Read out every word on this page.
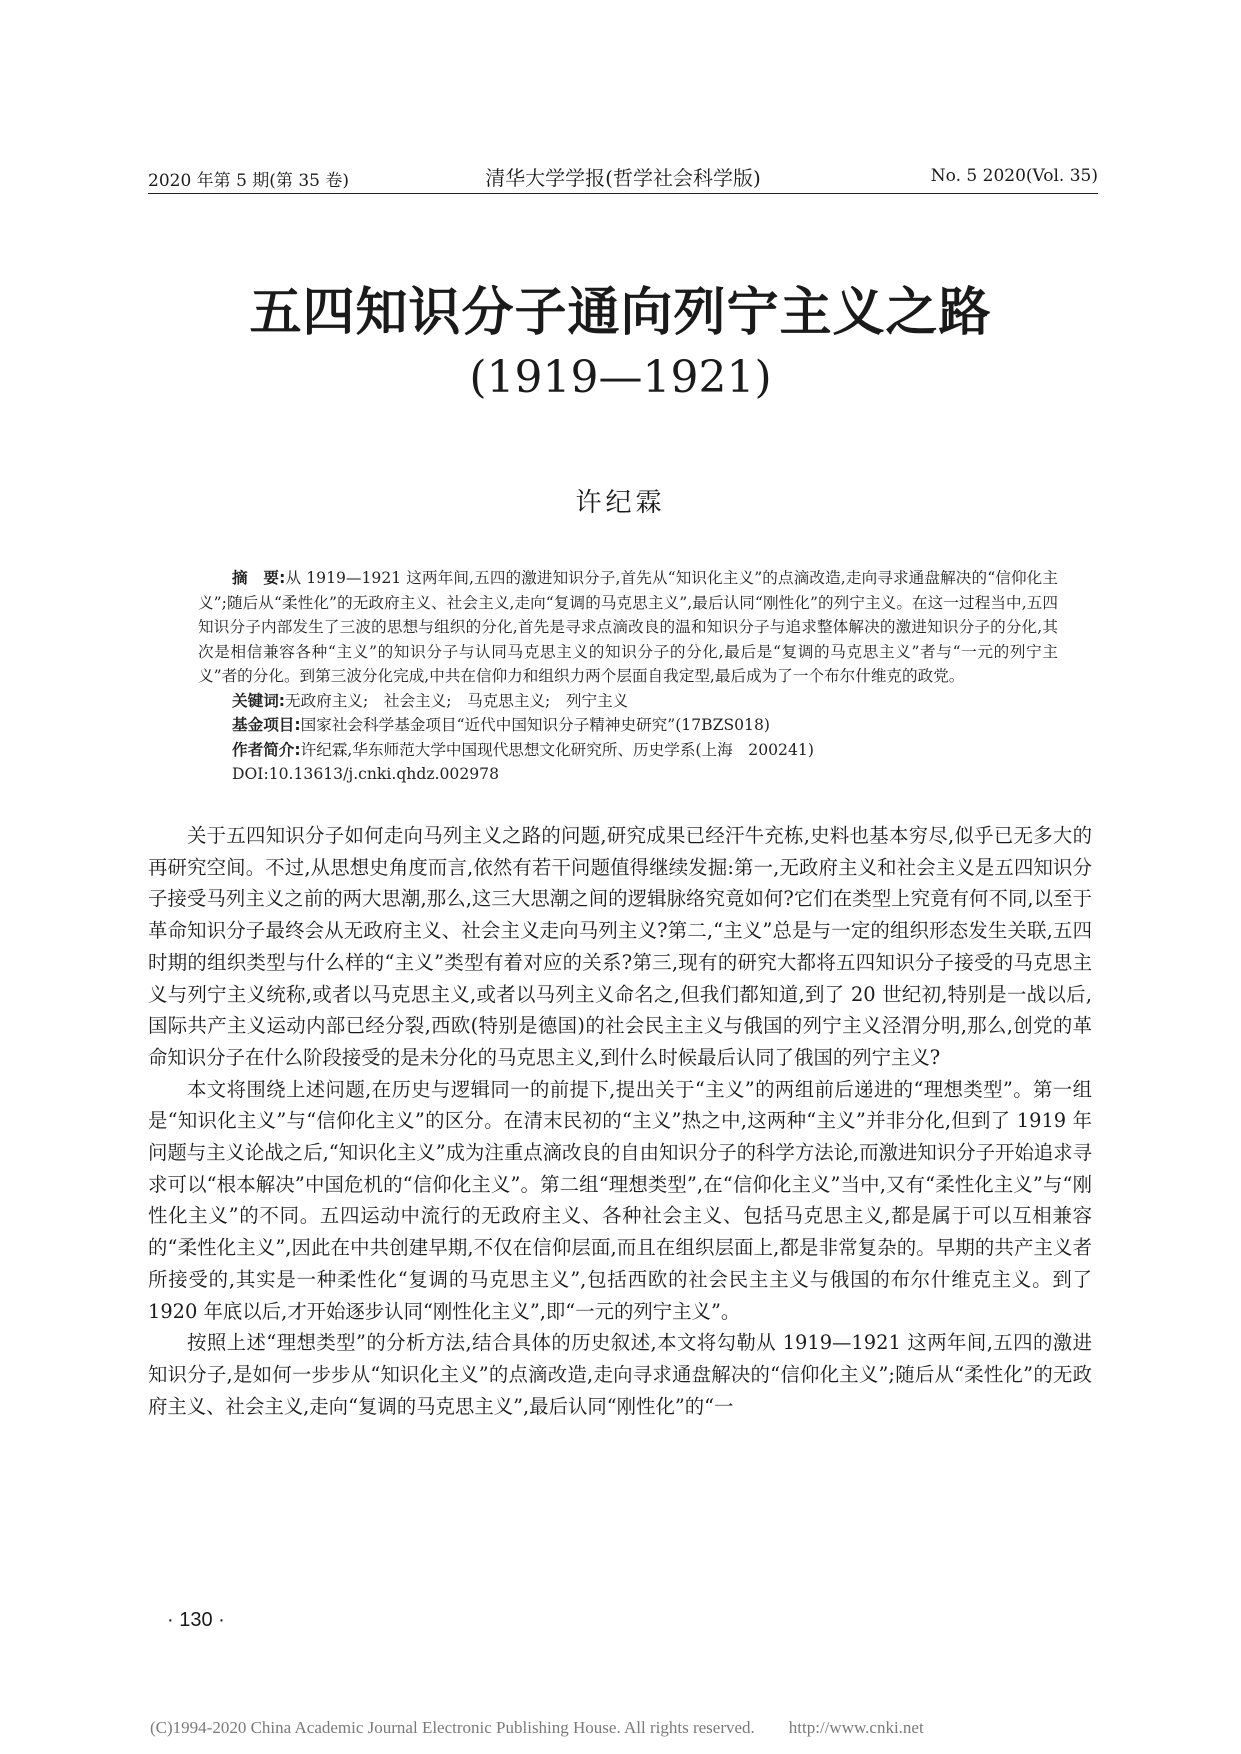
2020 年第 5 期(第 35 卷)	清华大学学报(哲学社会科学版)	No. 5 2020(Vol. 35)
五四知识分子通向列宁主义之路
(1919—1921)
许纪霖
摘　要:从 1919—1921 这两年间,五四的激进知识分子,首先从“知识化主义”的点滴改造,走向寻求通盘解决的“信仰化主义”;随后从“柔性化”的无政府主义、社会主义,走向“复调的马克思主义”,最后认同“刚性化”的列宁主义。在这一过程当中,五四知识分子内部发生了三波的思想与组织的分化,首先是寻求点滴改良的温和知识分子与追求整体解决的激进知识分子的分化,其次是相信兼容各种“主义”的知识分子与认同马克思主义的知识分子的分化,最后是“复调的马克思主义”者与“一元的列宁主义”者的分化。到第三波分化完成,中共在信仰力和组织力两个层面自我定型,最后成为了一个布尔什维克的政党。
关键词:无政府主义;　社会主义;　马克思主义;　列宁主义
基金项目:国家社会科学基金项目“近代中国知识分子精神史研究”(17BZS018)
作者简介:许纪霖,华东师范大学中国现代思想文化研究所、历史学系(上海　200241)
DOI:10.13613/j.cnki.qhdz.002978

关于五四知识分子如何走向马列主义之路的问题,研究成果已经汗牛充栋,史料也基本穷尽,似乎已无多大的再研究空间。不过,从思想史角度而言,依然有若干问题值得继续发掘:第一,无政府主义和社会主义是五四知识分子接受马列主义之前的两大思潮,那么,这三大思潮之间的逻辑脉络究竟如何?它们在类型上究竟有何不同,以至于革命知识分子最终会从无政府主义、社会主义走向马列主义?第二,“主义”总是与一定的组织形态发生关联,五四时期的组织类型与什么样的“主义”类型有着对应的关系?第三,现有的研究大都将五四知识分子接受的马克思主义与列宁主义统称,或者以马克思主义,或者以马列主义命名之,但我们都知道,到了 20 世纪初,特别是一战以后,国际共产主义运动内部已经分裂,西欧(特别是德国)的社会民主主义与俄国的列宁主义泾渭分明,那么,创党的革命知识分子在什么阶段接受的是未分化的马克思主义,到什么时候最后认同了俄国的列宁主义?

本文将围绕上述问题,在历史与逻辑同一的前提下,提出关于“主义”的两组前后递进的“理想类型”。第一组是“知识化主义”与“信仰化主义”的区分。在清末民初的“主义”热之中,这两种“主义”并非分化,但到了 1919 年问题与主义论战之后,“知识化主义”成为注重点滴改良的自由知识分子的科学方法论,而激进知识分子开始追求寻求可以“根本解决”中国危机的“信仰化主义”。第二组“理想类型”,在“信仰化主义”当中,又有“柔性化主义”与“刚性化主义”的不同。五四运动中流行的无政府主义、各种社会主义、包括马克思主义,都是属于可以互相兼容的“柔性化主义”,因此在中共创建早期,不仅在信仰层面,而且在组织层面上,都是非常复杂的。早期的共产主义者所接受的,其实是一种柔性化“复调的马克思主义”,包括西欧的社会民主主义与俄国的布尔什维克主义。到了 1920 年底以后,才开始逐步认同“刚性化主义”,即“一元的列宁主义”。

按照上述“理想类型”的分析方法,结合具体的历史叙述,本文将勾勒从 1919—1921 这两年间,五四的激进知识分子,是如何一步步从“知识化主义”的点滴改造,走向寻求通盘解决的“信仰化主义”;随后从“柔性化”的无政府主义、社会主义,走向“复调的马克思主义”,最后认同“刚性化”的“一

· 130 ·
(C)1994-2020 China Academic Journal Electronic Publishing House. All rights reserved.　　http://www.cnki.net
